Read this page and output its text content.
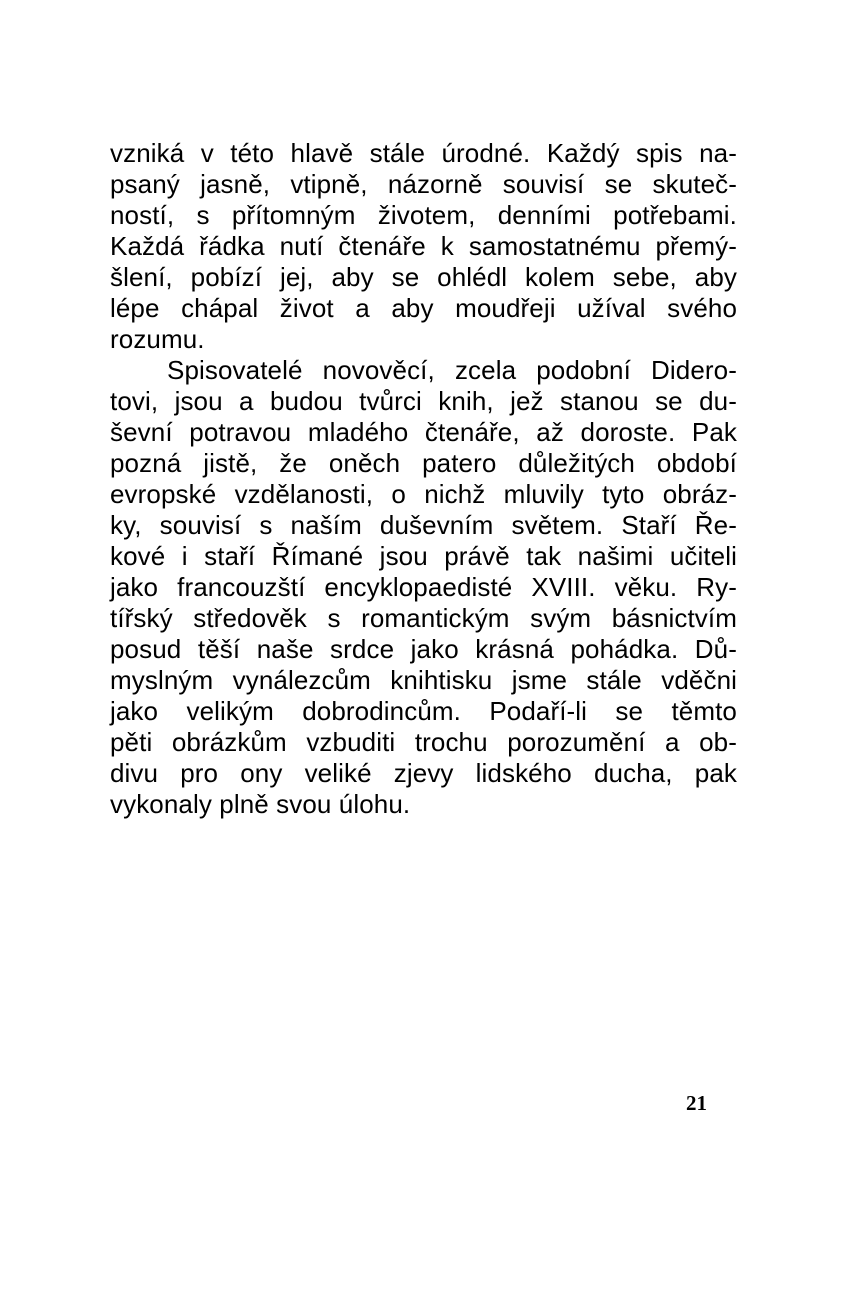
vzniká v této hlavě stále úrodné. Každý spis na-
psaný jasně, vtipně, názorně souvisí se skuteč-
ností, s přítomným životem, denními potřebami.
Každá řádka nutí čtenáře k samostatnému přemý-
šlení, pobízí jej, aby se ohlédl kolem sebe, aby
lépe chápal život a aby moudřeji užíval svého
rozumu.
Spisovatelé novověcí, zcela podobní Didero-
tovi, jsou a budou tvůrci knih, jež stanou se du-
ševní potravou mladého čtenáře, až doroste. Pak
pozná jistě, že oněch patero důležitých období
evropské vzdělanosti, o nichž mluvily tyto obráz-
ky, souvisí s naším duševním světem. Staří Ře-
kové i staří Římané jsou právě tak našimi učiteli
jako francouzští encyklopaedisté XVIII. věku. Ry-
tířský středověk s romantickým svým básnictvím
posud těší naše srdce jako krásná pohádka. Dů-
myslným vynálezcům knihtisku jsme stále vděčni
jako velikým dobrodincům. Podaří-li se těmto
pěti obrázkům vzbuditi trochu porozumění a ob-
divu pro ony veliké zjevy lidského ducha, pak
vykonaly plně svou úlohu.
21
